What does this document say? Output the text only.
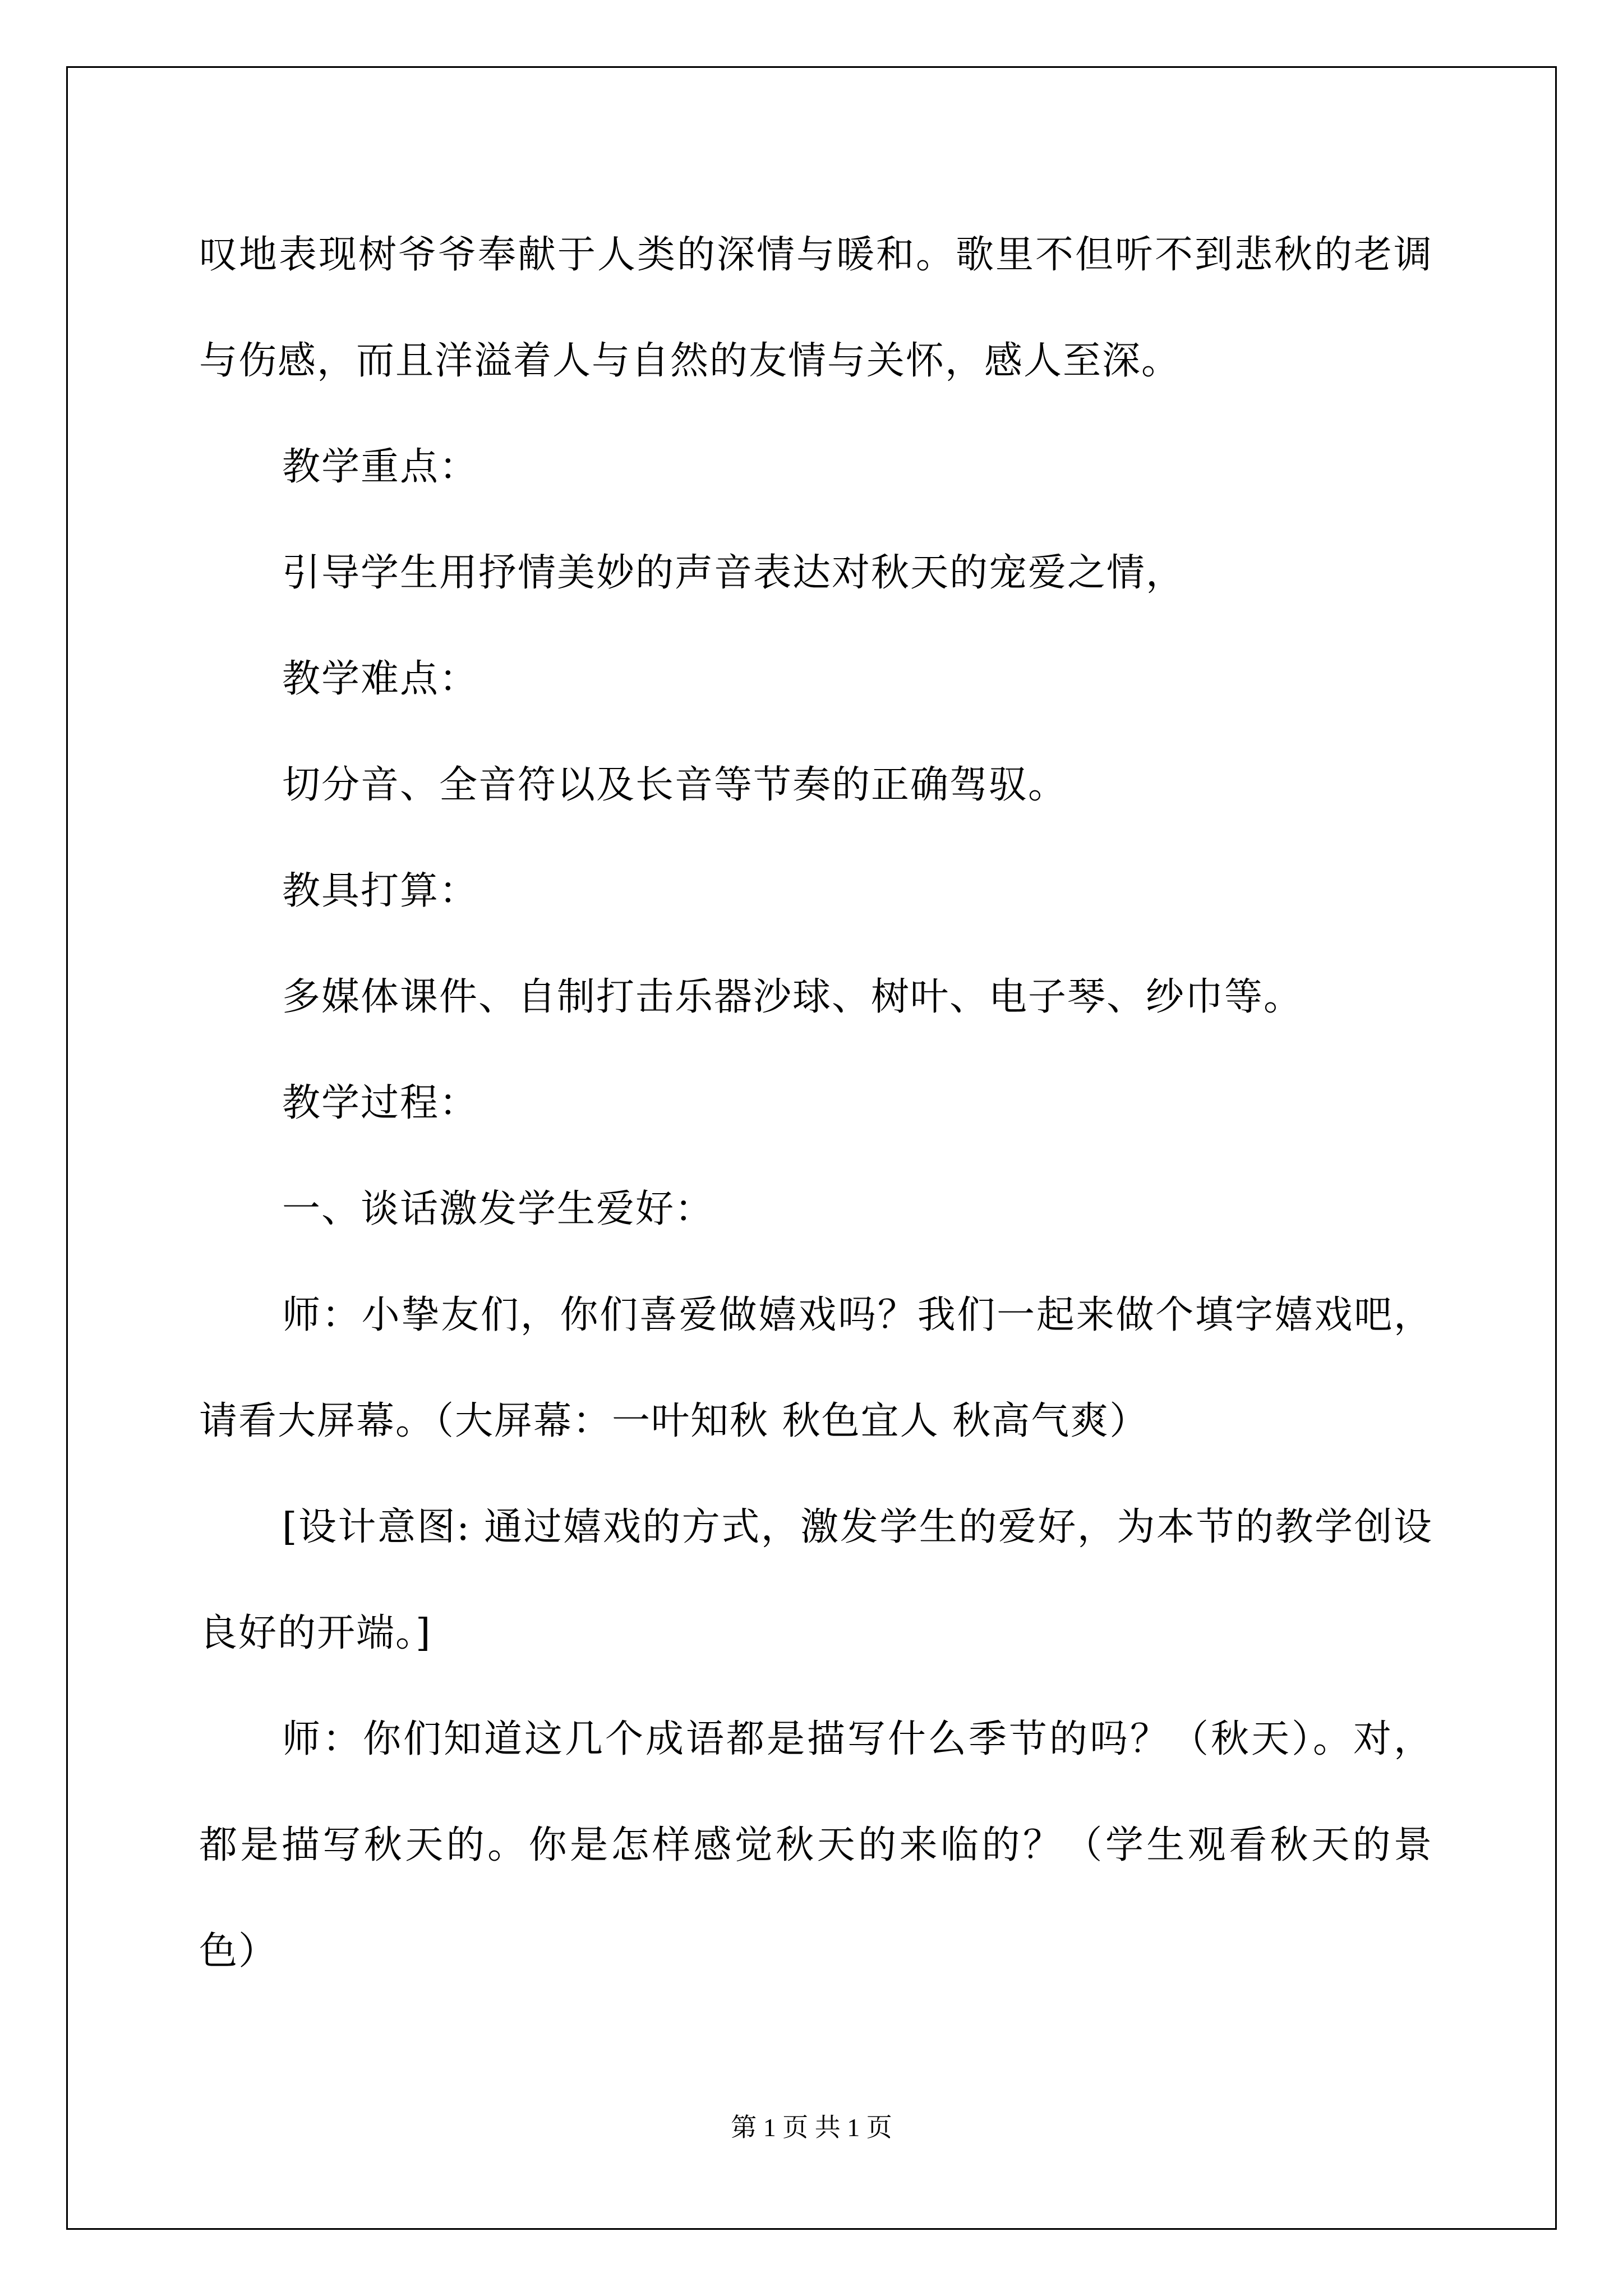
叹地表现树爷爷奉献于人类的深情与暖和。歌里不但听不到悲秋的老调与伤感，而且洋溢着人与自然的友情与关怀，感人至深。

教学重点：

引导学生用抒情美妙的声音表达对秋天的宠爱之情，

教学难点：

切分音、全音符以及长音等节奏的正确驾驭。

教具打算：

多媒体课件、自制打击乐器沙球、树叶、电子琴、纱巾等。

教学过程：

一、谈话激发学生爱好：

师：小挚友们，你们喜爱做嬉戏吗？我们一起来做个填字嬉戏吧，请看大屏幕。（大屏幕：一叶知秋 秋色宜人 秋高气爽）

[设计意图: 通过嬉戏的方式，激发学生的爱好，为本节的教学创设良好的开端。]

师：你们知道这几个成语都是描写什么季节的吗？（秋天）。对，都是描写秋天的。你是怎样感觉秋天的来临的？（学生观看秋天的景色）

第 1 页 共 1 页
